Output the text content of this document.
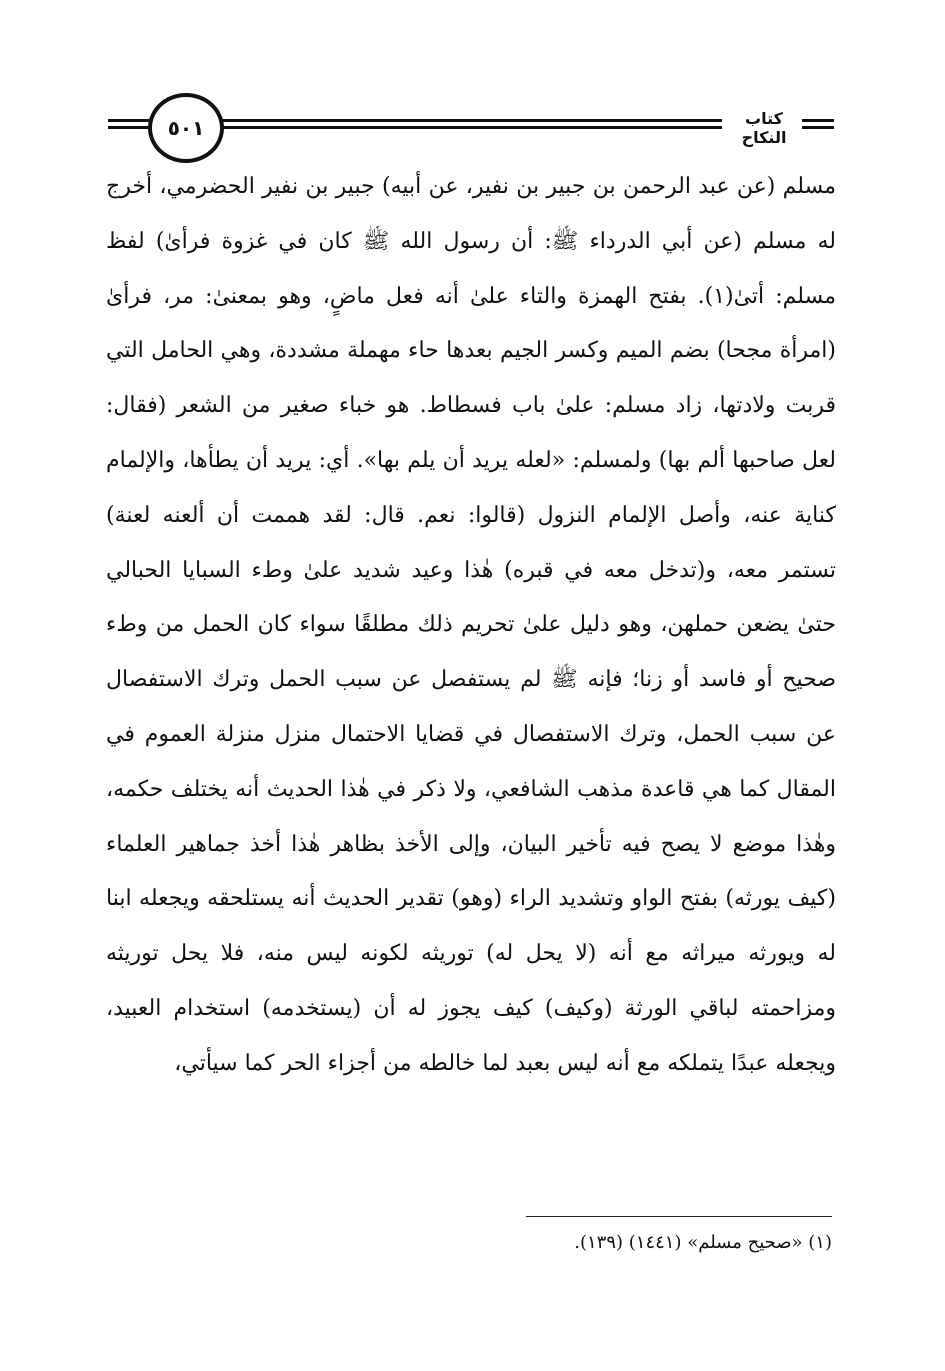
٥٠١	كتاب النكاح

مسلم (عن عبد الرحمن بن جبير بن نفير، عن أبيه) جبير بن نفير الحضرمي، أخرج له مسلم (عن أبي الدرداء ﷺ: أن رسول الله ﷺ كان في غزوة فرأىٰ) لفظ مسلم: أتىٰ(١). بفتح الهمزة والتاء علىٰ أنه فعل ماضٍ، وهو بمعنىٰ: مر، فرأىٰ (امرأة مجحا) بضم الميم وكسر الجيم بعدها حاء مهملة مشددة، وهي الحامل التي قربت ولادتها، زاد مسلم: علىٰ باب فسطاط. هو خباء صغير من الشعر (فقال: لعل صاحبها ألم بها) ولمسلم: «لعله يريد أن يلم بها». أي: يريد أن يطأها، والإلمام كناية عنه، وأصل الإلمام النزول (قالوا: نعم. قال: لقد هممت أن ألعنه لعنة) تستمر معه، و(تدخل معه في قبره) هٰذا وعيد شديد علىٰ وطء السبايا الحبالي حتىٰ يضعن حملهن، وهو دليل علىٰ تحريم ذلك مطلقًا سواء كان الحمل من وطء صحيح أو فاسد أو زنا؛ فإنه ﷺ لم يستفصل عن سبب الحمل وترك الاستفصال عن سبب الحمل، وترك الاستفصال في قضايا الاحتمال منزل منزلة العموم في المقال كما هي قاعدة مذهب الشافعي، ولا ذكر في هٰذا الحديث أنه يختلف حكمه، وهٰذا موضع لا يصح فيه تأخير البيان، وإلى الأخذ بظاهر هٰذا أخذ جماهير العلماء (كيف يورثه) بفتح الواو وتشديد الراء (وهو) تقدير الحديث أنه يستلحقه ويجعله ابنا له ويورثه ميراثه مع أنه (لا يحل له) توريثه لكونه ليس منه، فلا يحل توريثه ومزاحمته لباقي الورثة (وكيف) كيف يجوز له أن (يستخدمه) استخدام العبيد، ويجعله عبدًا يتملكه مع أنه ليس بعبد لما خالطه من أجزاء الحر كما سيأتي،

(١) «صحيح مسلم» (١٤٤١) (١٣٩).
